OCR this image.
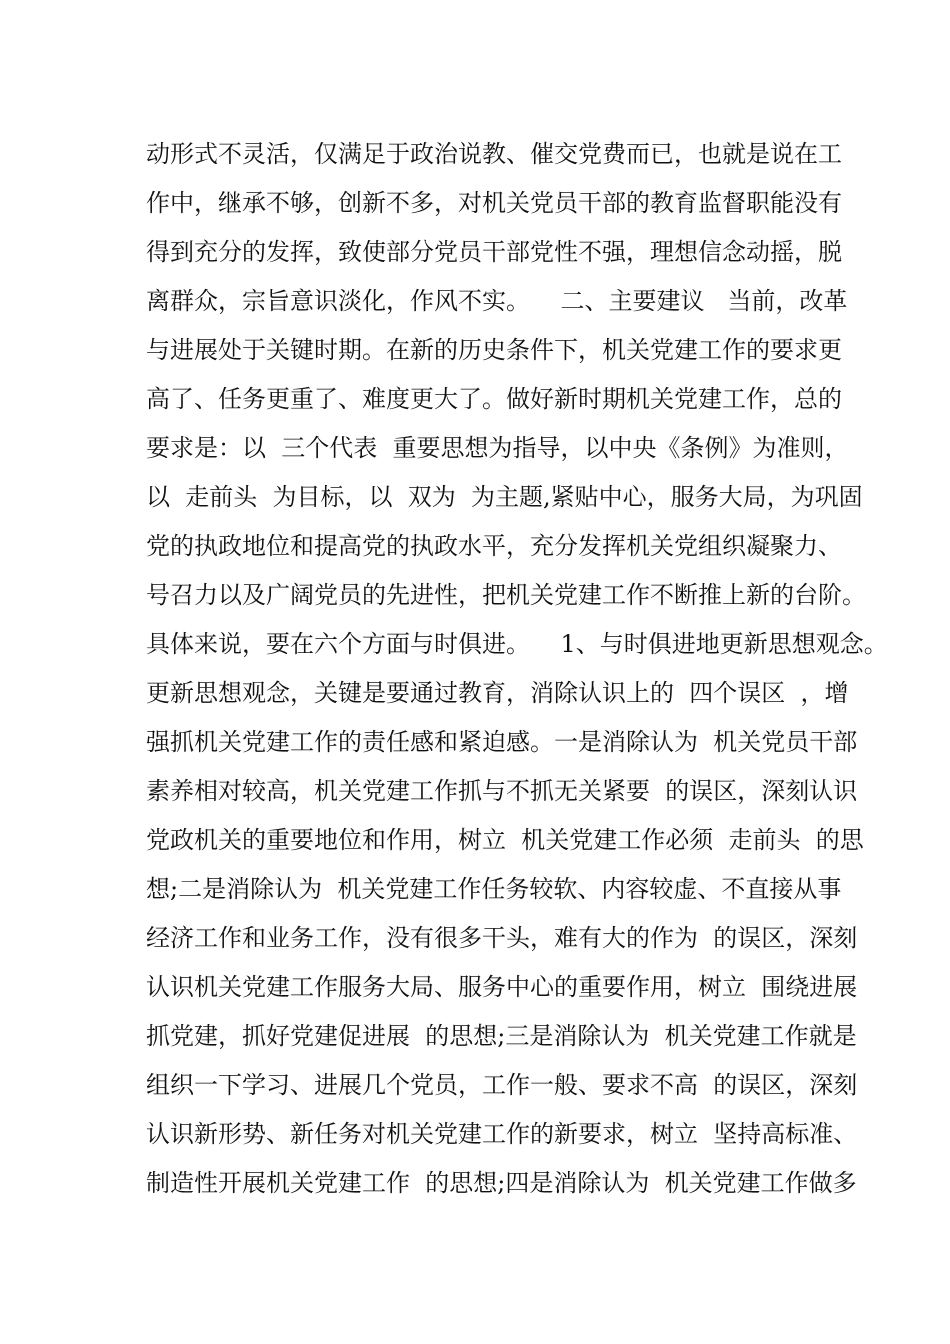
动形式不灵活，仅满足于政治说教、催交党费而已，也就是说在工
作中，继承不够，创新不多，对机关党员干部的教育监督职能没有
得到充分的发挥，致使部分党员干部党性不强，理想信念动摇，脱
离群众，宗旨意识淡化，作风不实。    二、主要建议   当前，改革
与进展处于关键时期。在新的历史条件下，机关党建工作的要求更
高了、任务更重了、难度更大了。做好新时期机关党建工作，总的
要求是：以  三个代表  重要思想为指导，以中央《条例》为准则，
以  走前头  为目标，以  双为  为主题,紧贴中心，服务大局，为巩固
党的执政地位和提高党的执政水平，充分发挥机关党组织凝聚力、
号召力以及广阔党员的先进性，把机关党建工作不断推上新的台阶。
具体来说，要在六个方面与时俱进。    1、与时俱进地更新思想观念。
更新思想观念，关键是要通过教育，消除认识上的  四个误区  ，增
强抓机关党建工作的责任感和紧迫感。一是消除认为  机关党员干部
素养相对较高，机关党建工作抓与不抓无关紧要  的误区，深刻认识
党政机关的重要地位和作用，树立  机关党建工作必须  走前头  的思
想;二是消除认为  机关党建工作任务较软、内容较虚、不直接从事
经济工作和业务工作，没有很多干头，难有大的作为  的误区，深刻
认识机关党建工作服务大局、服务中心的重要作用，树立  围绕进展
抓党建，抓好党建促进展  的思想;三是消除认为  机关党建工作就是
组织一下学习、进展几个党员，工作一般、要求不高  的误区，深刻
认识新形势、新任务对机关党建工作的新要求，树立  坚持高标准、
制造性开展机关党建工作  的思想;四是消除认为  机关党建工作做多
